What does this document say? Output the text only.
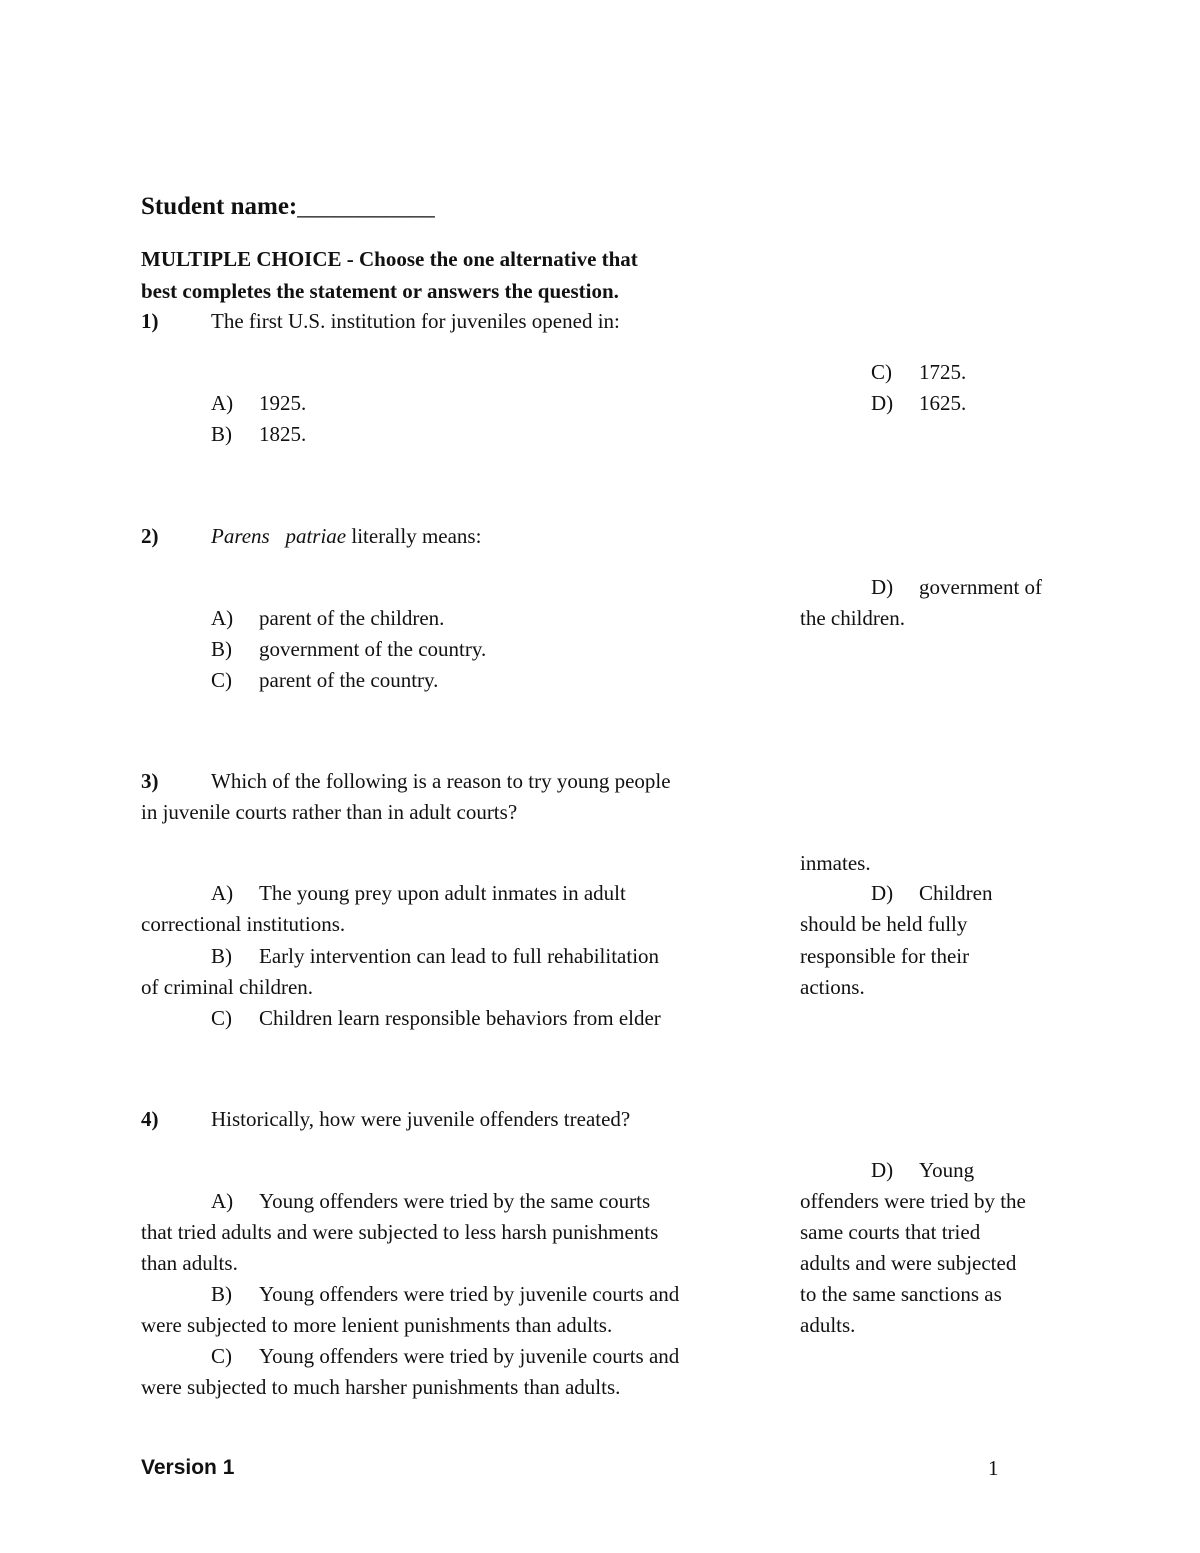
Student name:___________
MULTIPLE CHOICE - Choose the one alternative that
best completes the statement or answers the question.
1)	The first U.S. institution for juveniles opened in:
C) 1725.
A) 1925.	D) 1625.
B) 1825.
2)	Parens   patriae literally means:
D) government of
the children.
A) parent of the children.
B) government of the country.
C) parent of the country.
3)	Which of the following is a reason to try young people
in juvenile courts rather than in adult courts?
inmates.
A) The young prey upon adult inmates in adult
correctional institutions.
B) Early intervention can lead to full rehabilitation
of criminal children.
C) Children learn responsible behaviors from elder
D) Children
should be held fully
responsible for their
actions.
4)	Historically, how were juvenile offenders treated?
D) Young
offenders were tried by the
same courts that tried
adults and were subjected
to the same sanctions as
adults.
A) Young offenders were tried by the same courts
that tried adults and were subjected to less harsh punishments
than adults.
B) Young offenders were tried by juvenile courts and
were subjected to more lenient punishments than adults.
C) Young offenders were tried by juvenile courts and
were subjected to much harsher punishments than adults.
Version 1	1
